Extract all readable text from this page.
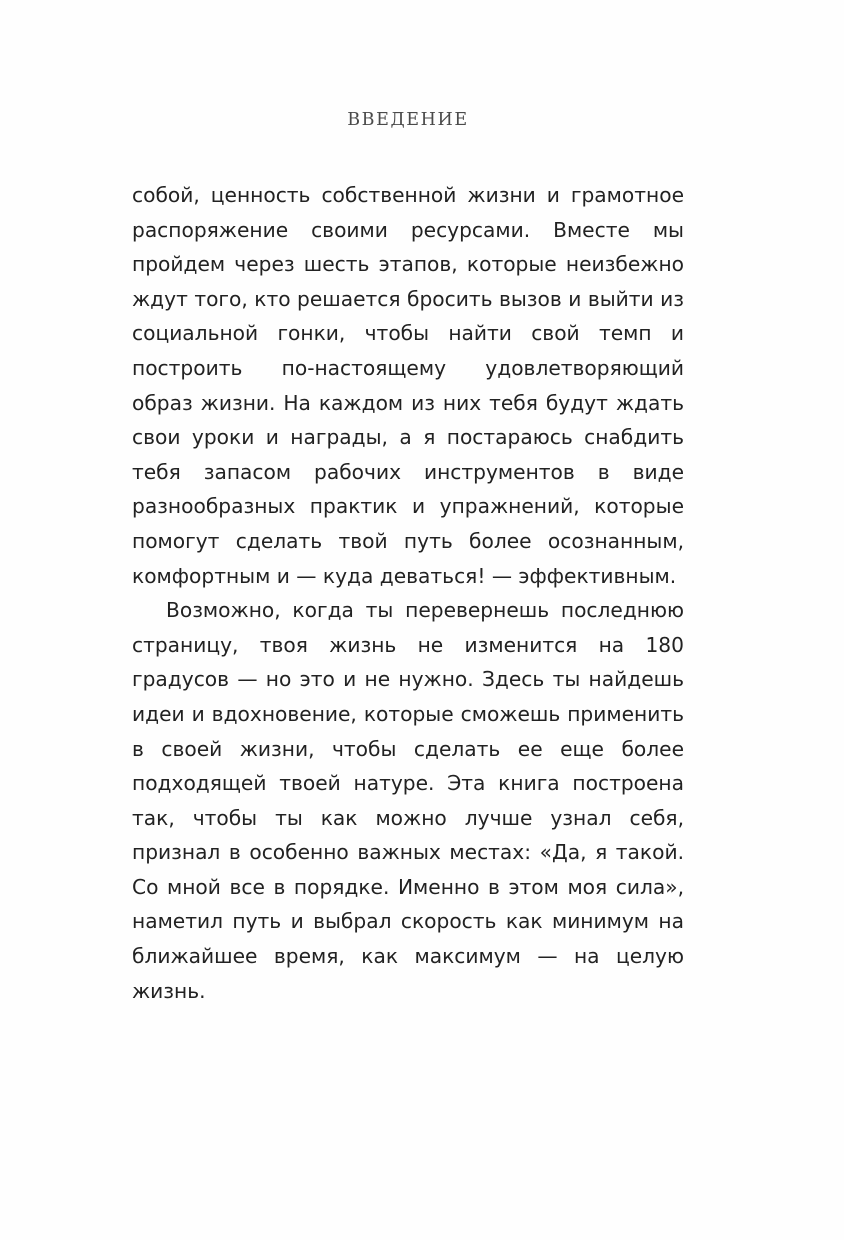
ВВЕДЕНИЕ

собой, ценность собственной жизни и грамотное распоряжение своими ресурсами. Вместе мы пройдем через шесть этапов, которые неизбежно ждут того, кто решается бросить вызов и выйти из социальной гонки, чтобы найти свой темп и построить по-настоящему удовлетворяющий образ жизни. На каждом из них тебя будут ждать свои уроки и награды, а я постараюсь снабдить тебя запасом рабочих инструментов в виде разнообразных практик и упражнений, которые помогут сделать твой путь более осознанным, комфортным и — куда деваться! — эффективным.

Возможно, когда ты перевернешь последнюю страницу, твоя жизнь не изменится на 180 градусов — но это и не нужно. Здесь ты найдешь идеи и вдохновение, которые сможешь применить в своей жизни, чтобы сделать ее еще более подходящей твоей натуре. Эта книга построена так, чтобы ты как можно лучше узнал себя, признал в особенно важных местах: «Да, я такой. Со мной все в порядке. Именно в этом моя сила», наметил путь и выбрал скорость как минимум на ближайшее время, как максимум — на целую жизнь.
